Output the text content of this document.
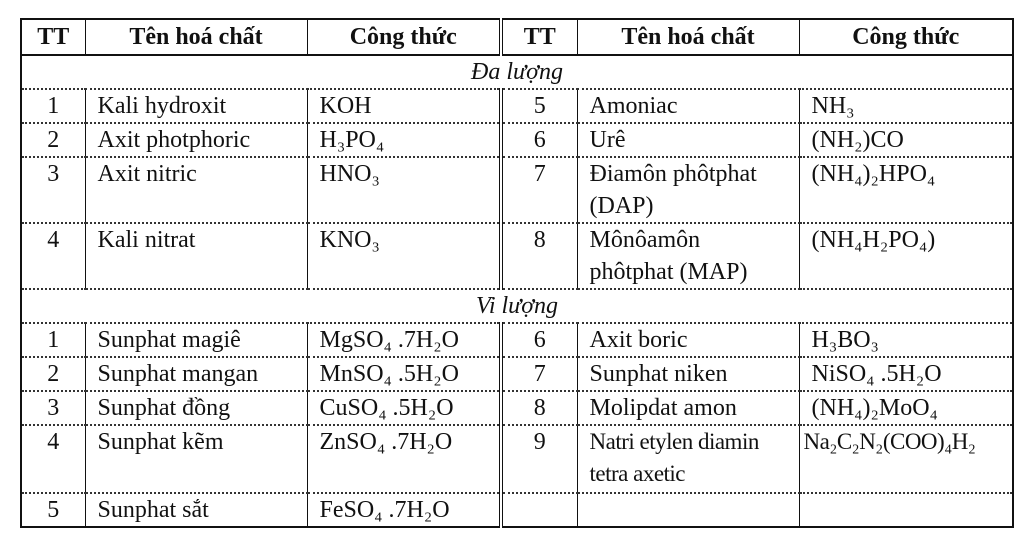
TT	Tên hoá chất	Công thức	TT	Tên hoá chất	Công thức
Đa lượng					
1	Kali hydroxit	KOH	5	Amoniac	NH₃
2	Axit photphoric	H₃PO₄	6	Urê	(NH₂)CO
3	Axit nitric	HNO₃	7	Điamôn phôtphat (DAP)	(NH₄)₂HPO₄
4	Kali nitrat	KNO₃	8	Mônôamôn phôtphat (MAP)	(NH₄H₂PO₄)
Vi lượng					
1	Sunphat magiê	MgSO₄ .7H₂O	6	Axit boric	H₃BO₃
2	Sunphat mangan	MnSO₄ .5H₂O	7	Sunphat niken	NiSO₄ .5H₂O
3	Sunphat đồng	CuSO₄ .5H₂O	8	Molipdat amon	(NH₄)₂MoO₄
4	Sunphat kẽm	ZnSO₄ .7H₂O	9	Natri etylen diamin tetra axetic	Na₂C₂N₂(COO)₄H₂
5	Sunphat sắt	FeSO₄ .7H₂O			
